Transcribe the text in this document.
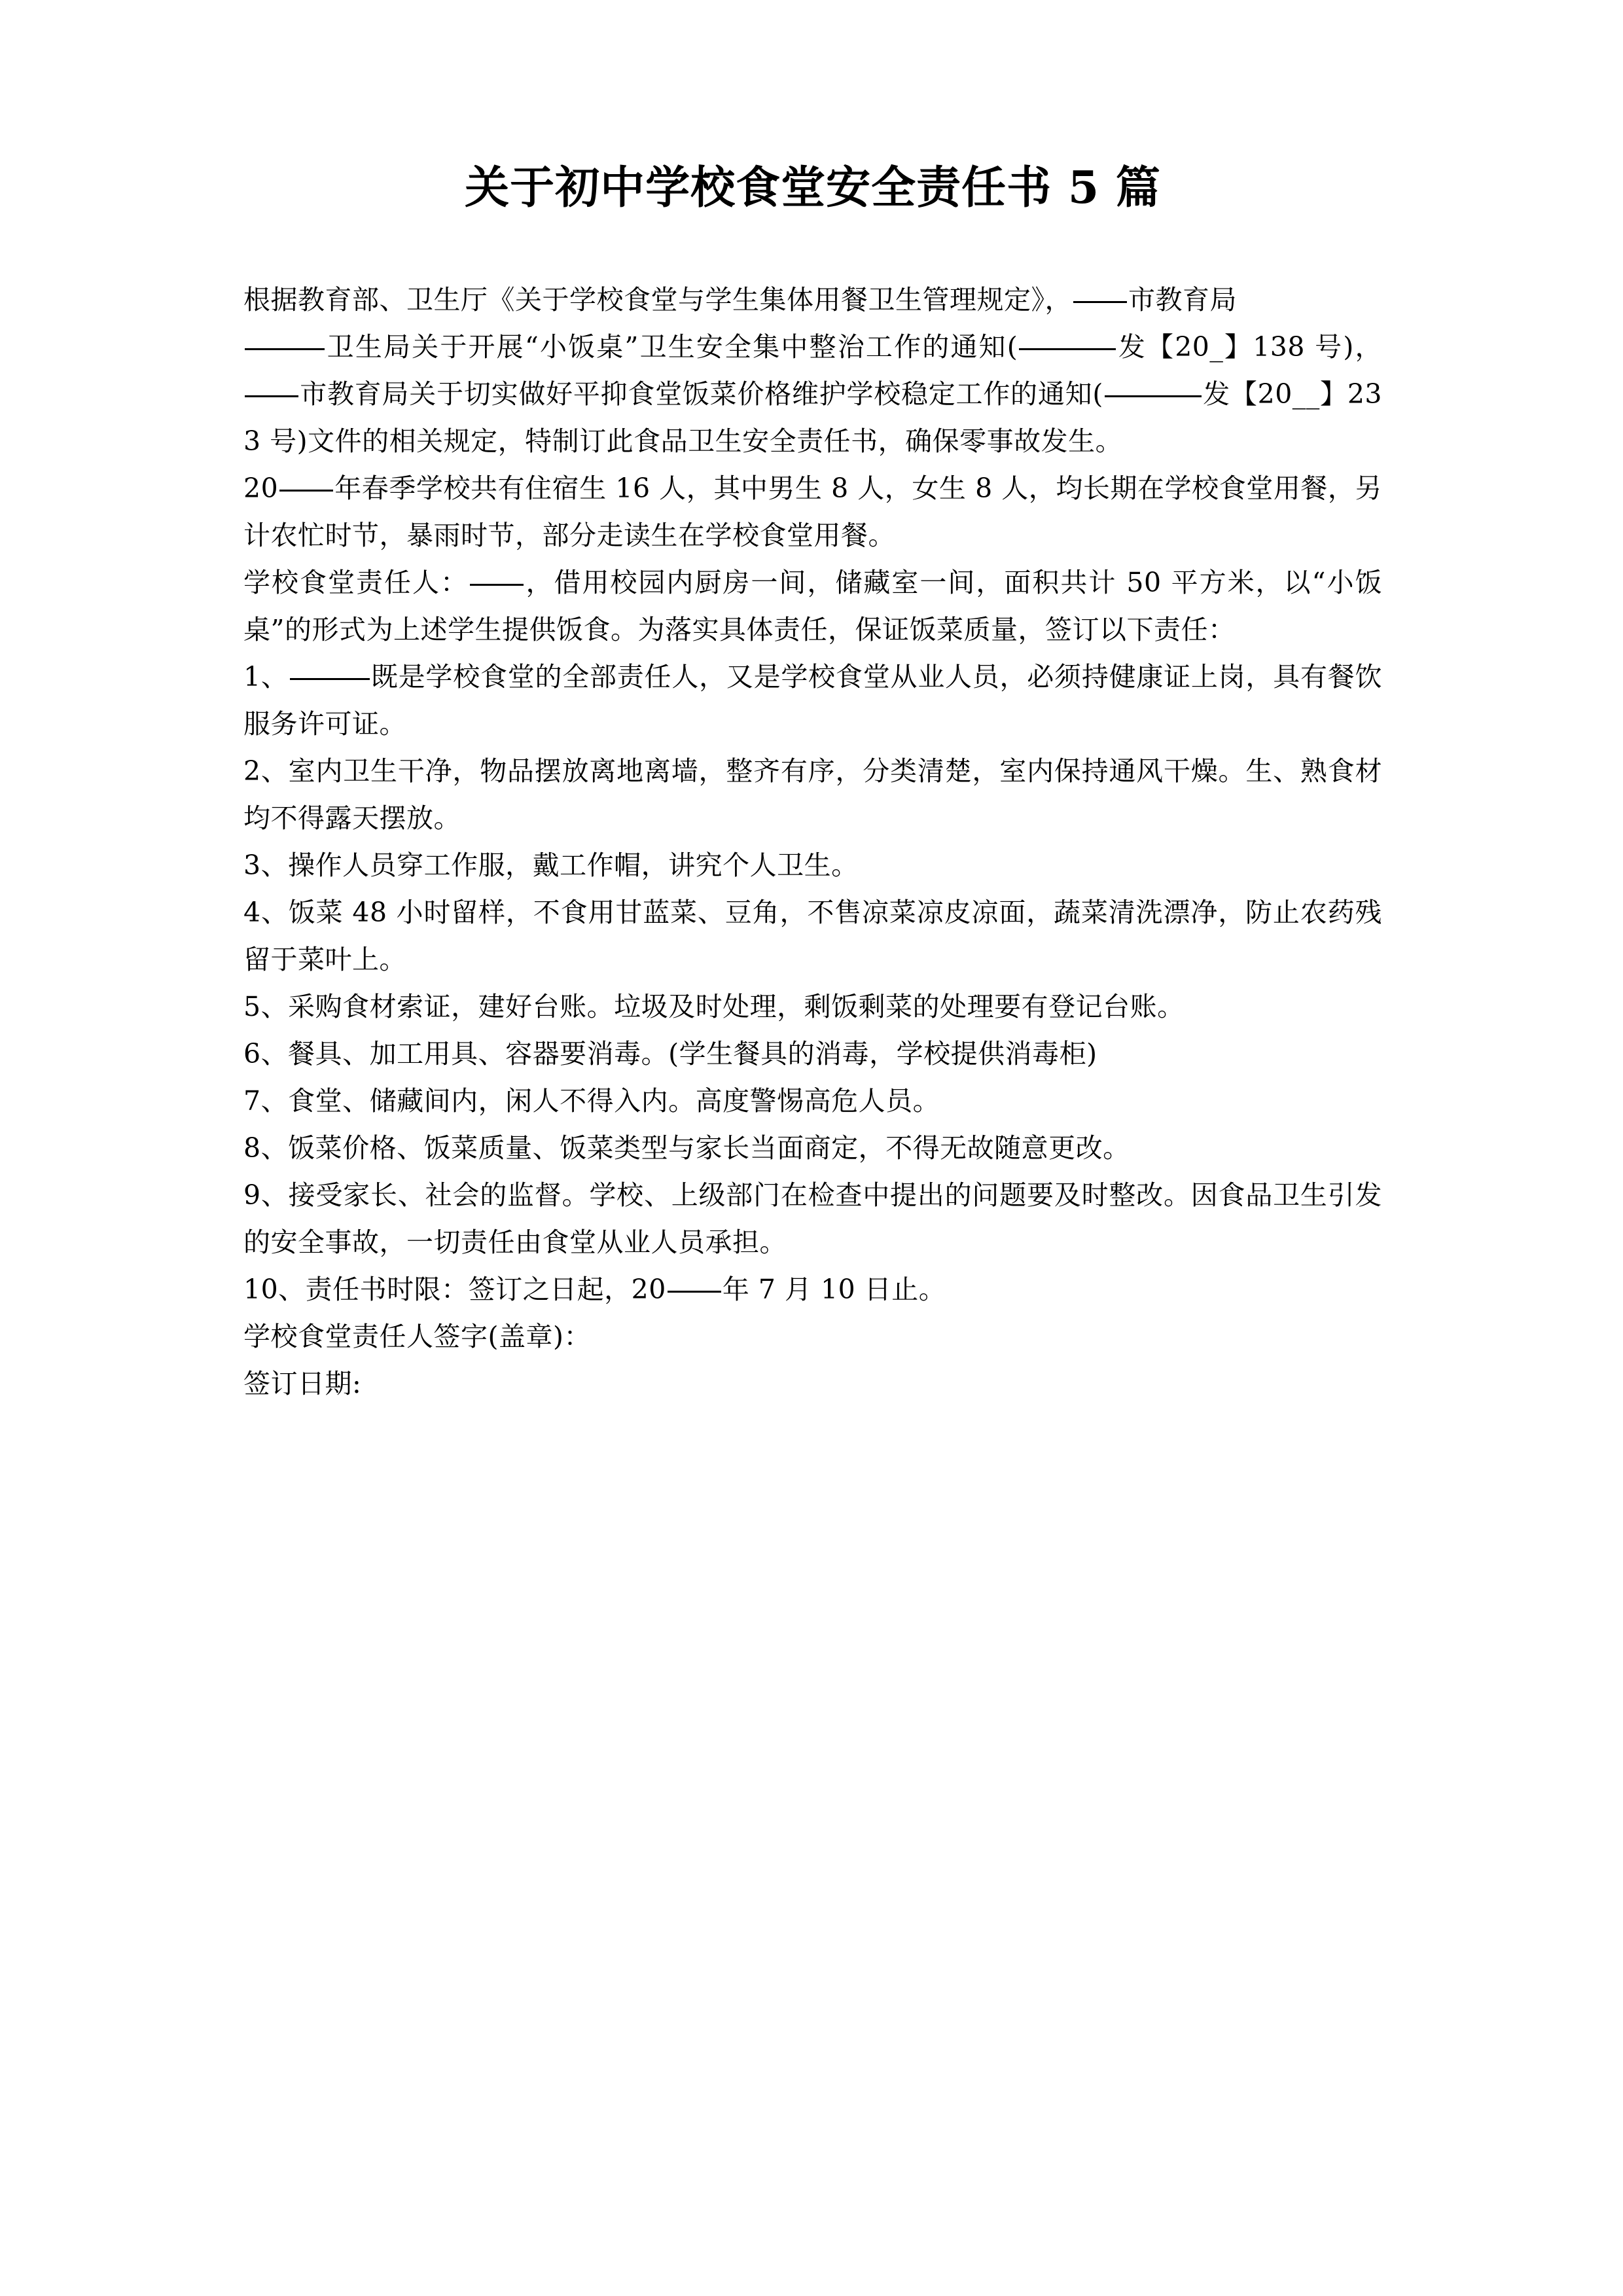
关于初中学校食堂安全责任书 5 篇

根据教育部、卫生厅《关于学校食堂与学生集体用餐卫生管理规定》， 市教育局

卫生局关于开展“小饭桌”卫生安全集中整治工作的通知(	发【20_】138 号)， 市教育局关于切实做好平抑食堂饭菜价格维护学校稳定工作的通知(	发【20__】233 号)文件的相关规定，特制订此食品卫生安全责任书，确保零事故发生。

20 年春季学校共有住宿生 16 人，其中男生 8 人，女生 8 人，均长期在学校食堂用餐，另计农忙时节，暴雨时节，部分走读生在学校食堂用餐。

学校食堂责任人： ，借用校园内厨房一间，储藏室一间，面积共计 50 平方米，以“小饭桌”的形式为上述学生提供饭食。为落实具体责任，保证饭菜质量，签订以下责任：

1、	既是学校食堂的全部责任人，又是学校食堂从业人员，必须持健康证上岗，具有餐饮服务许可证。

2、室内卫生干净，物品摆放离地离墙，整齐有序，分类清楚，室内保持通风干燥。生、熟食材均不得露天摆放。

3、操作人员穿工作服，戴工作帽，讲究个人卫生。

4、饭菜 48 小时留样，不食用甘蓝菜、豆角，不售凉菜凉皮凉面，蔬菜清洗漂净，防止农药残留于菜叶上。

5、采购食材索证，建好台账。垃圾及时处理，剩饭剩菜的处理要有登记台账。

6、餐具、加工用具、容器要消毒。(学生餐具的消毒，学校提供消毒柜)

7、食堂、储藏间内，闲人不得入内。高度警惕高危人员。

8、饭菜价格、饭菜质量、饭菜类型与家长当面商定，不得无故随意更改。

9、接受家长、社会的监督。学校、上级部门在检查中提出的问题要及时整改。因食品卫生引发的安全事故，一切责任由食堂从业人员承担。

10、责任书时限：签订之日起，20 年 7 月 10 日止。

学校食堂责任人签字(盖章)：

签订日期:
